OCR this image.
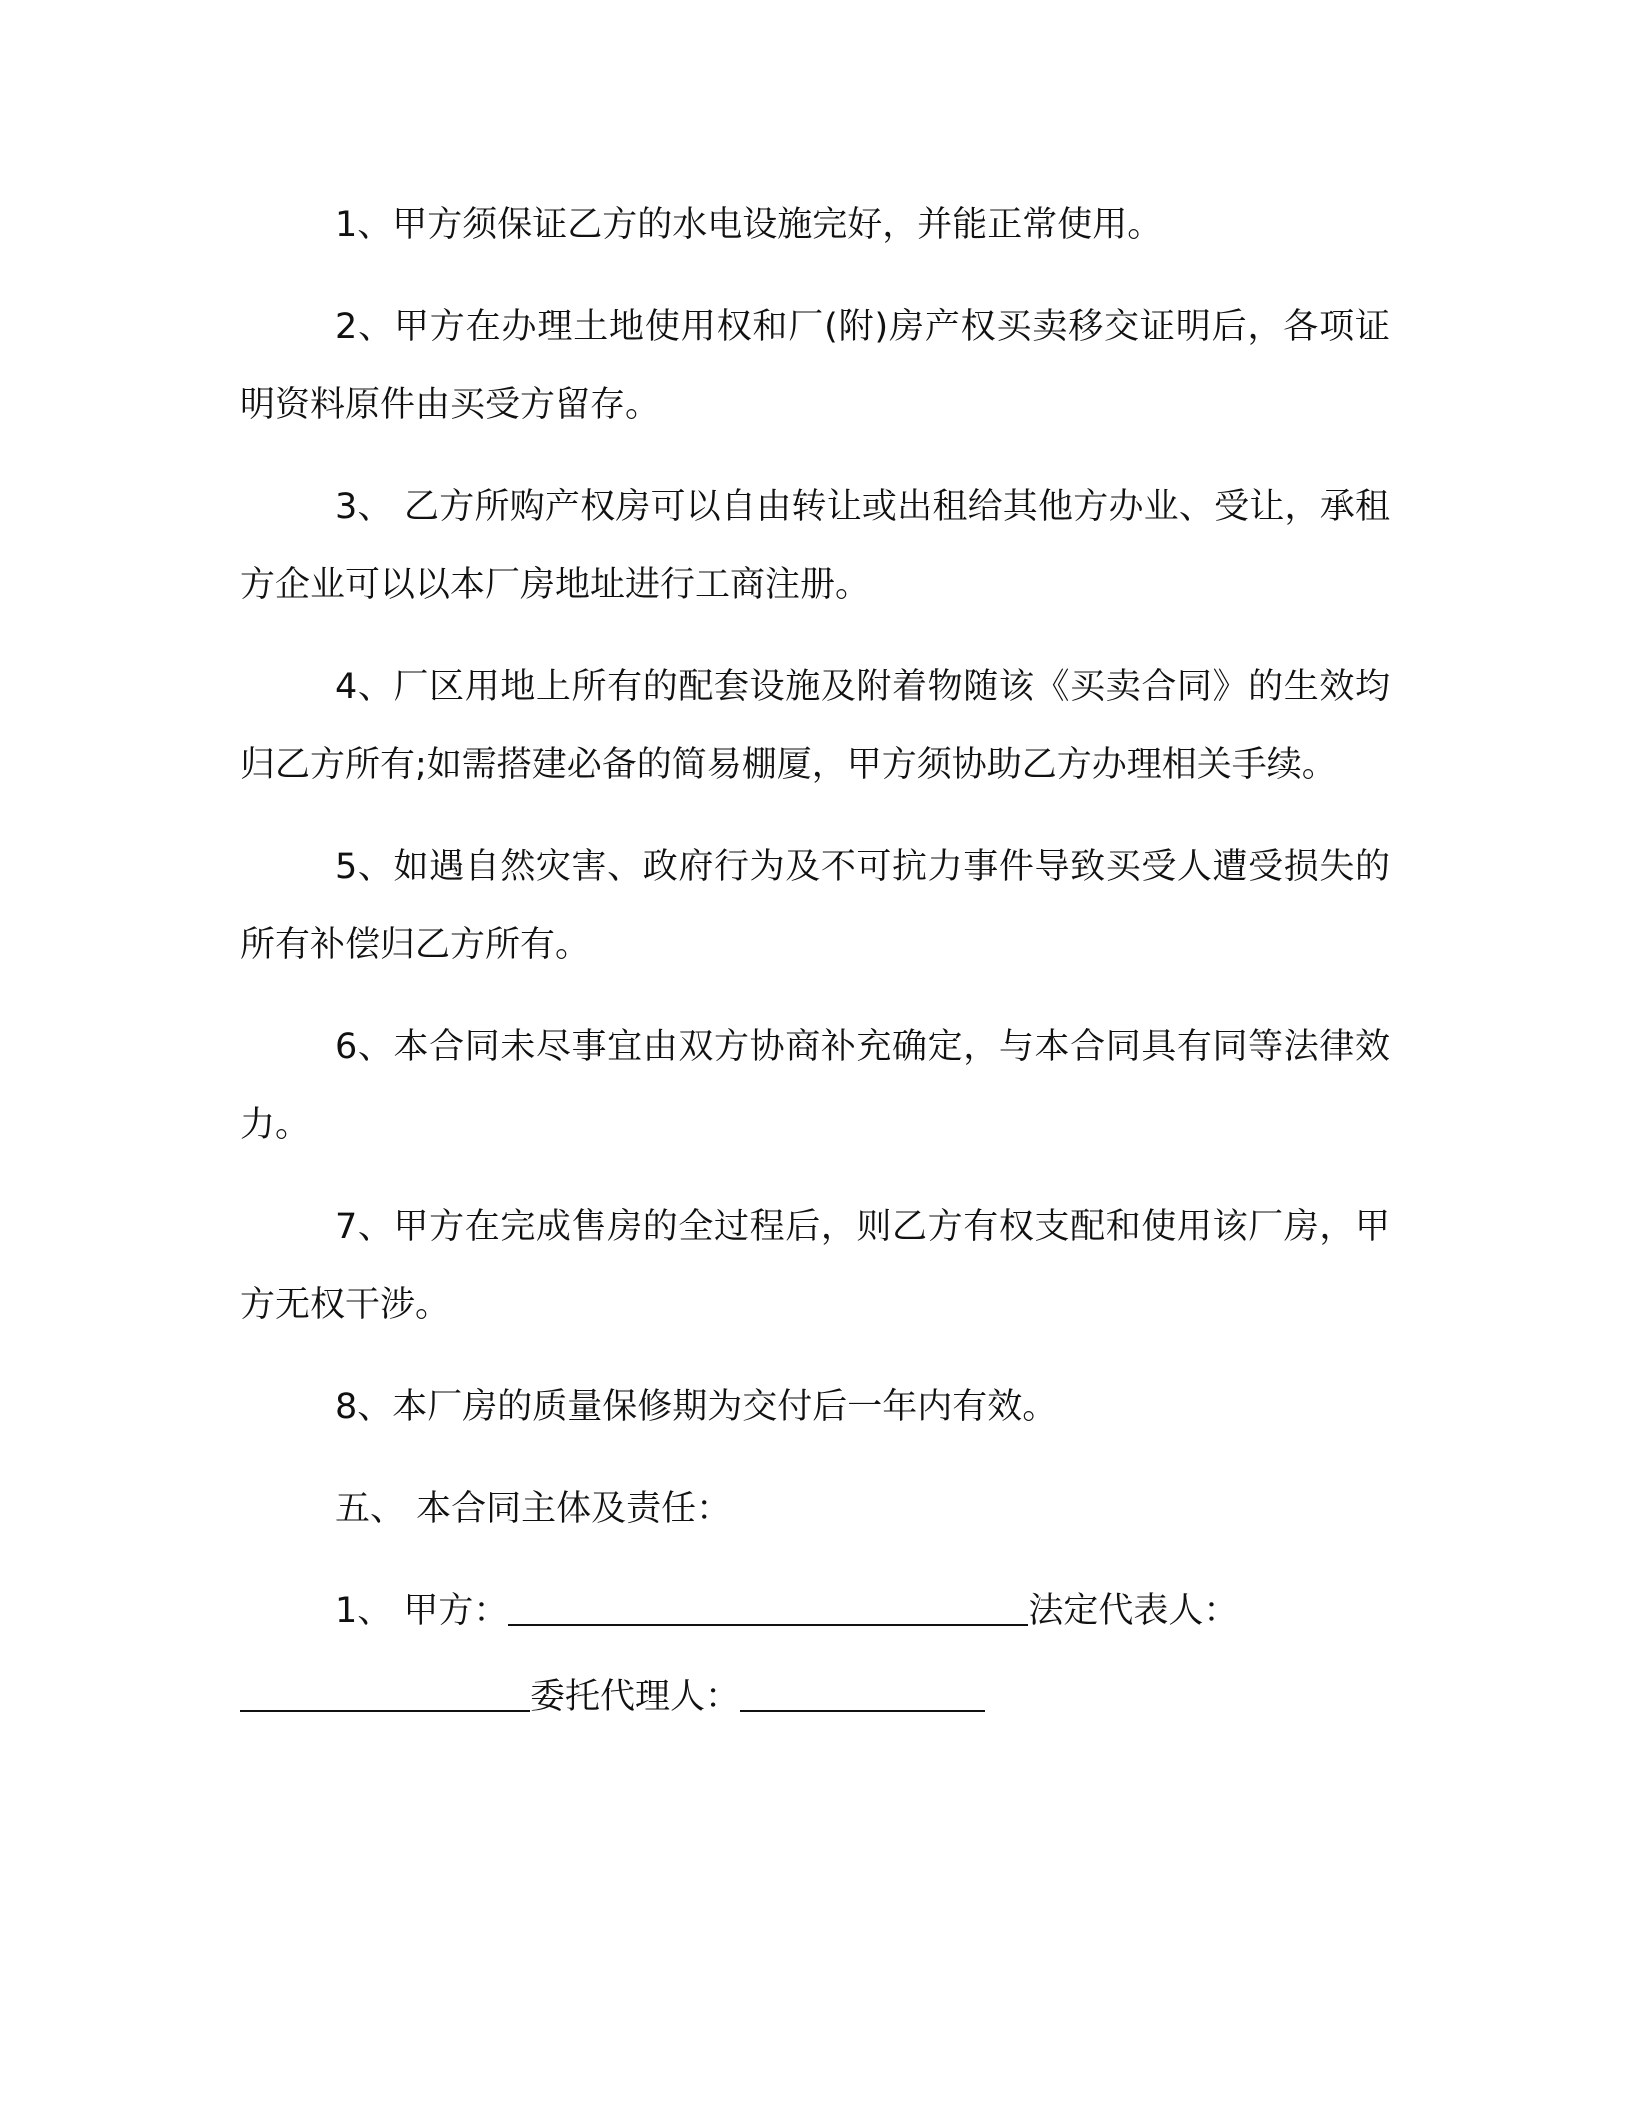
1、甲方须保证乙方的水电设施完好，并能正常使用。

2、甲方在办理土地使用权和厂(附)房产权买卖移交证明后，各项证明资料原件由买受方留存。

3、 乙方所购产权房可以自由转让或出租给其他方办业、受让，承租方企业可以以本厂房地址进行工商注册。

4、厂区用地上所有的配套设施及附着物随该《买卖合同》的生效均归乙方所有;如需搭建必备的简易棚厦，甲方须协助乙方办理相关手续。

5、如遇自然灾害、政府行为及不可抗力事件导致买受人遭受损失的所有补偿归乙方所有。

6、本合同未尽事宜由双方协商补充确定，与本合同具有同等法律效力。

7、甲方在完成售房的全过程后，则乙方有权支配和使用该厂房，甲方无权干涉。

8、本厂房的质量保修期为交付后一年内有效。

五、 本合同主体及责任：

1、 甲方：	法定代表人：

委托代理人：
